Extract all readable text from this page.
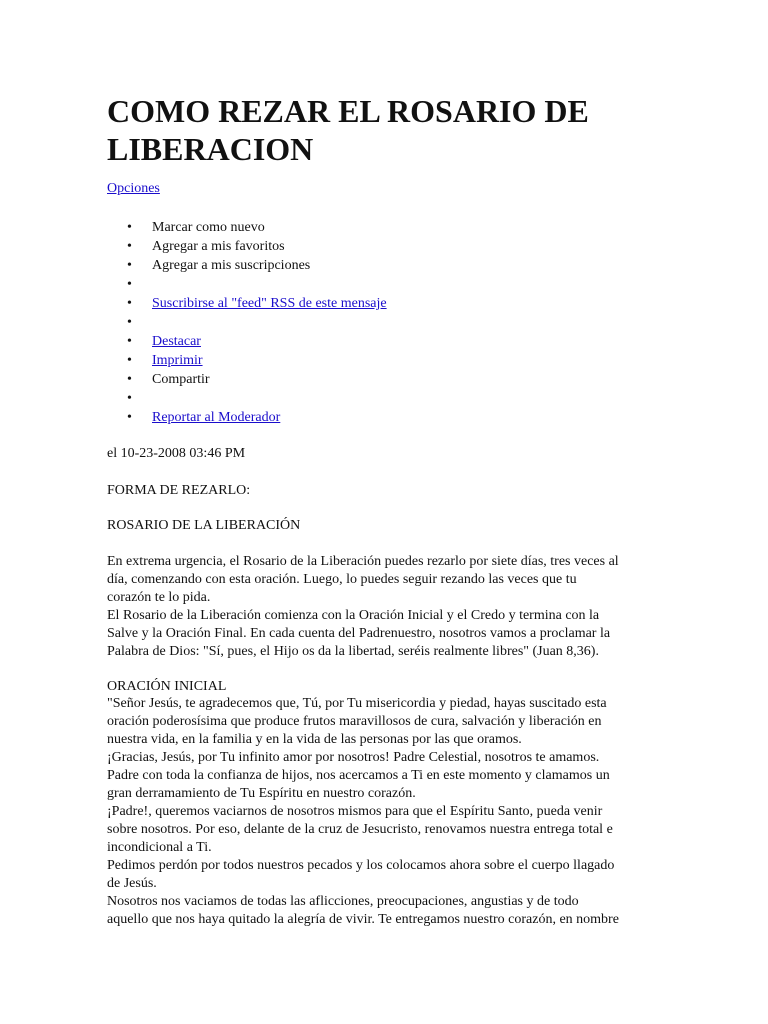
COMO REZAR EL ROSARIO DE LIBERACION
Opciones
• Marcar como nuevo
• Agregar a mis favoritos
• Agregar a mis suscripciones
•
• Suscribirse al "feed" RSS de este mensaje
•
• Destacar
• Imprimir
• Compartir
•
• Reportar al Moderador
el 10-23-2008 03:46 PM
FORMA DE REZARLO:
ROSARIO DE LA LIBERACIÓN

En extrema urgencia, el Rosario de la Liberación puedes rezarlo por siete días, tres veces al
día, comenzando con esta oración. Luego, lo puedes seguir rezando las veces que tu
corazón te lo pida.

El Rosario de la Liberación comienza con la Oración Inicial y el Credo y termina con la
Salve y la Oración Final. En cada cuenta del Padrenuestro, nosotros vamos a proclamar la
Palabra de Dios: "Sí, pues, el Hijo os da la libertad, seréis realmente libres" (Juan 8,36).

ORACIÓN INICIAL

"Señor Jesús, te agradecemos que, Tú, por Tu misericordia y piedad, hayas suscitado esta
oración poderosísima que produce frutos maravillosos de cura, salvación y liberación en
nuestra vida, en la familia y en la vida de las personas por las que oramos.

¡Gracias, Jesús, por Tu infinito amor por nosotros! Padre Celestial, nosotros te amamos.
Padre con toda la confianza de hijos, nos acercamos a Ti en este momento y clamamos un
gran derramamiento de Tu Espíritu en nuestro corazón.

¡Padre!, queremos vaciarnos de nosotros mismos para que el Espíritu Santo, pueda venir
sobre nosotros. Por eso, delante de la cruz de Jesucristo, renovamos nuestra entrega total e
incondicional a Ti.

Pedimos perdón por todos nuestros pecados y los colocamos ahora sobre el cuerpo llagado
de Jesús.

Nosotros nos vaciamos de todas las aflicciones, preocupaciones, angustias y de todo
aquello que nos haya quitado la alegría de vivir. Te entregamos nuestro corazón, en nombre
